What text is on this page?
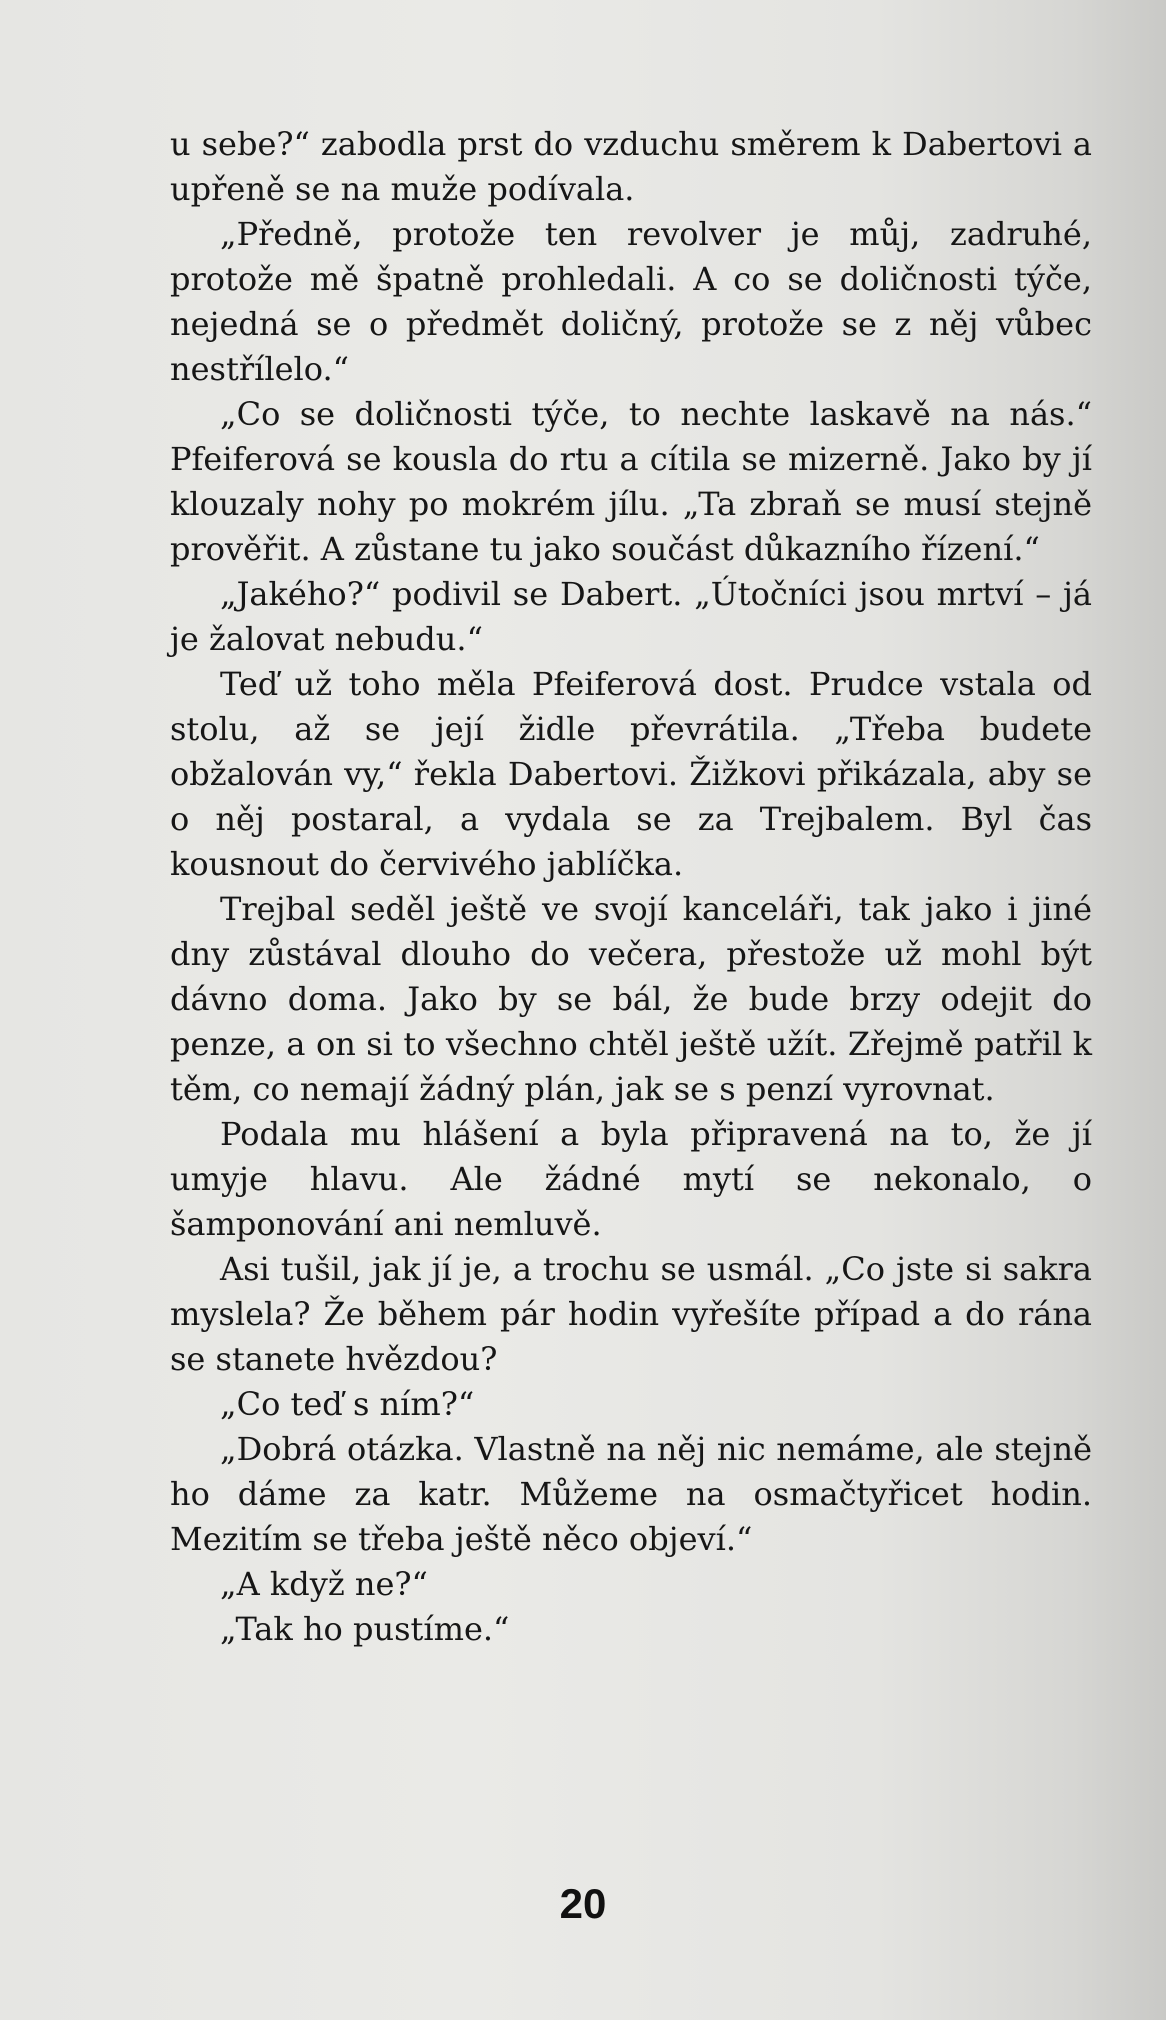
u sebe?“ zabodla prst do vzduchu směrem k Dabertovi a upřeně se na muže podívala.

„Předně, protože ten revolver je můj, zadruhé, protože mě špatně prohledali. A co se doličnosti týče, nejedná se o předmět doličný, protože se z něj vůbec nestřílelo.“

„Co se doličnosti týče, to nechte laskavě na nás.“ Pfeiferová se kousla do rtu a cítila se mizerně. Jako by jí klouzaly nohy po mokrém jílu. „Ta zbraň se musí stejně prověřit. A zůstane tu jako součást důkazního řízení.“

„Jakého?“ podivil se Dabert. „Útočníci jsou mrtví – já je žalovat nebudu.“

Teď už toho měla Pfeiferová dost. Prudce vstala od stolu, až se její židle převrátila. „Třeba budete obžalován vy,“ řekla Dabertovi. Žižkovi přikázala, aby se o něj postaral, a vydala se za Trejbalem. Byl čas kousnout do červivého jablíčka.

Trejbal seděl ještě ve svojí kanceláři, tak jako i jiné dny zůstával dlouho do večera, přestože už mohl být dávno doma. Jako by se bál, že bude brzy odejit do penze, a on si to všechno chtěl ještě užít. Zřejmě patřil k těm, co nemají žádný plán, jak se s penzí vyrovnat.

Podala mu hlášení a byla připravená na to, že jí umyje hlavu. Ale žádné mytí se nekonalo, o šamponování ani nemluvě.

Asi tušil, jak jí je, a trochu se usmál. „Co jste si sakra myslela? Že během pár hodin vyřešíte případ a do rána se stanete hvězdou?

„Co teď s ním?“

„Dobrá otázka. Vlastně na něj nic nemáme, ale stejně ho dáme za katr. Můžeme na osmačtyřicet hodin. Mezitím se třeba ještě něco objeví.“

„A když ne?“

„Tak ho pustíme.“

20
